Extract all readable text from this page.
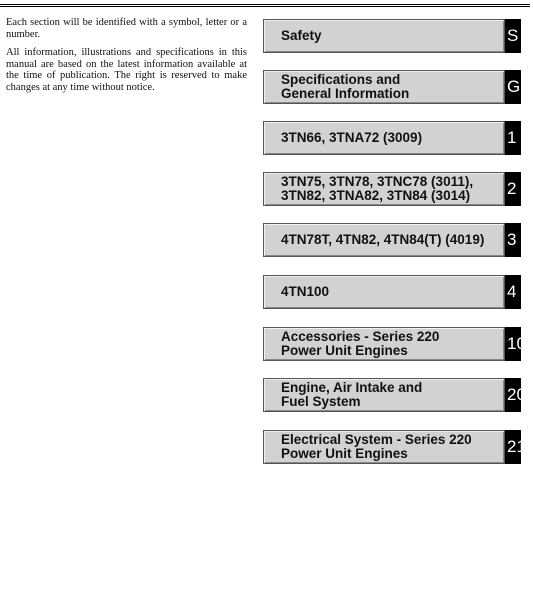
Each section will be identified with a symbol, letter or a number.

All information, illustrations and specifications in this manual are based on the latest information available at the time of publication. The right is reserved to make changes at any time without notice.

Safety	S
Specifications and
General Information	G
3TN66, 3TNA72 (3009)	1
3TN75, 3TN78, 3TNC78 (3011),
3TN82, 3TNA82, 3TN84 (3014) 2
4TN78T, 4TN82, 4TN84(T) (4019) 3
4TN100	4
Accessories - Series 220
Power Unit Engines	10
Engine, Air Intake and
Fuel System	20
Electrical System - Series 220
Power Unit Engines	21
